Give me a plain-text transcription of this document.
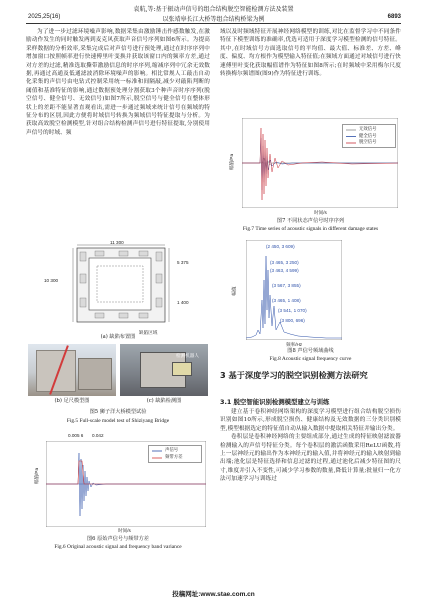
袁航,等:基于振动声信号的组合结构脱空智能检测方法及装置
2025,25(16)	以张靖皋长江大桥等组合结构桥梁为例	6893

为了进一步过滤环境噪声影响,数据采集由激励锤击作感数触发,在激励动作发生的同时触发两到麦克风获取声音信号序列如图6所示。为提高采样数据的分析效率,采集完成后对声信号进行预处理,通过在时序序列中增加窗口按照帧率进行快速傅里叶变换并获取该窗口内的频率方差,通过对方差的过滤,精准选取撕带激励信息的时序序列,缩减序列中冗余无效数据,再通过高通及低通滤波消除环境噪声的影响。相比常规人工敲击自动化采集的声信号由电钻式控制采用统一标准和间隔敲,减少对敲陷判断的阈值和基准特征的影响,通过数据预处理分割获取3个种声音时序序列(脱空信号、健全信号、无效信号)如图7所示,脱空信号与健全信号在整体形状上的差距不能显著直观看出,需进一步通过频域来统计信号在频域的特征分布的区别,因此方便将时域信号转换为频域信号特征提取与分析。为获取高效脱空检测模型,针对组合结构检测声信号进行特征提取,分别使用声信号的时域、频

11 300
10 300
5 375
1 400
缺陷区域
(a) 缺陷布置图
检测机器人
(b) 足尺模型图	(c) 缺陷检测图
图5 狮子洋大桥模型试验
Fig.5 Full-scale model test of Shiziyang Bridge
0.005 6 0.042
声信号
频带方差
幅值/Pa
时间/s
图6 原始声信号与频带方差
Fig.6 Original acoustic signal and frequency band variance

域以及时频域特征开展神经网络模型的训练,对比在监督学习中不同条件特征下模型训练的准确率,优选可适用于深度学习模型检测的信号特征。其中,在时域信号方面选取信号的平均值、最大值、标准差、方差、峰度、偏度、均方根作为模型输入特征值;在频域方面通过对域信号进行快速傅里叶变化获取幅值谱作为特征如图8所示;在时频域中采用梅尔尺度转换梅尔频谱图(图9)作为特征进行训练。

无效信号
健全信号
脱空信号
幅值/Pa
时间/s
图7 不同状态声信号时序序列
Fig.7 Time series of acoustic signals in different damage states
(2 450, 3 609)
(3 465, 3 250)
(3 463, 4 599)
(3 567, 3 855)
(3 465, 1 408)
(3 541, 1 070)
(3 800, 696)
幅值
频率/Hz
图8 声信号频域曲线
Fig.8 Acoustic signal frequency curve
3 基于深度学习的脱空识别检测方法研究
3.1 脱空智能识别检测模型建立与训练

建立基于卷积神经网络架构的深度学习模型进行组合结构脱空损伤识别如图10所示,形成脱空损伤、健康结构及无效数据的三分类识别模型,模型根据选定的特征值自动从输入数据中提取相关特征并输出分类。

卷积层是卷积神经网络的主要组成部分,通过生成的特征映射滤波器检测输入的声信号特征分类。每个卷积层的激活函数采用ReLU函数,将上一层神经元的输出作为本神经元的输入值,并将神经元的输入映射到输出端;池化层是特征选择和信息过滤的过程,通过池化后减少特征图的尺寸,维度并引入不变性,可减少学习参数的数量,降低计算量;批量归一化方法可加速学习与训练过

投稿网址:www.stae.com.cn
